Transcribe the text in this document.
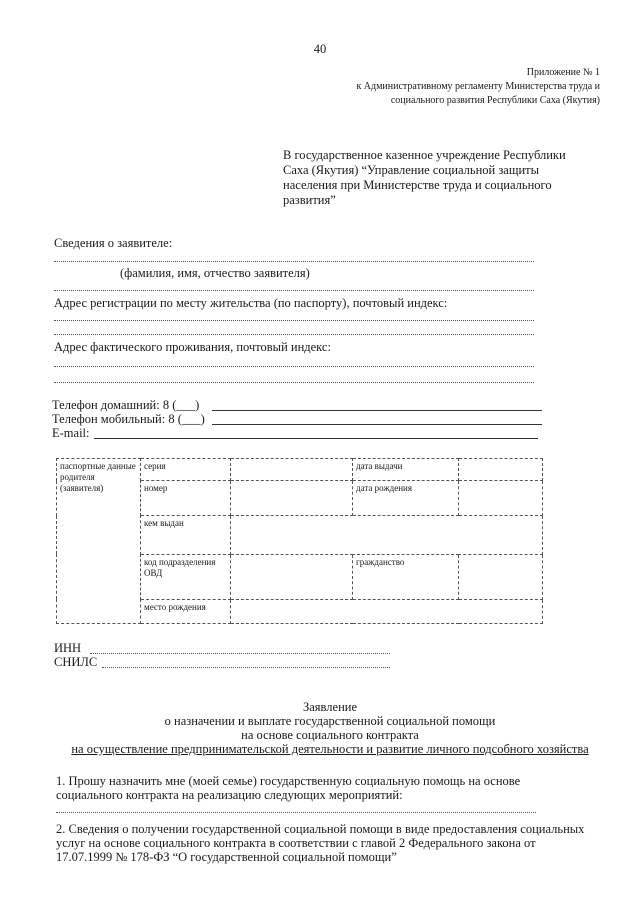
40
Приложение № 1
к Административному регламенту Министерства труда и
социального развития Республики Саха (Якутия)
В государственное казенное учреждение Республики
Саха (Якутия) “Управление социальной защиты
населения при Министерстве труда и социального
развития”
Сведения о заявителе:
(фамилия, имя, отчество заявителя)
Адрес регистрации по месту жительства (по паспорту), почтовый индекс:
Адрес фактического проживания, почтовый индекс:
Телефон домашний: 8 (___)
Телефон мобильный: 8 (___)
E-mail:
паспортные данные родителя (заявителя)	серия		дата выдачи	
	номер		дата рождения	
	кем выдан			
	код подразделения ОВД		гражданство	
	место рождения			
ИНН
СНИЛС
Заявление
о назначении и выплате государственной социальной помощи
на основе социального контракта
на осуществление предпринимательской деятельности и развитие личного подсобного хозяйства
1. Прошу назначить мне (моей семье) государственную социальную помощь на основе
социального контракта на реализацию следующих мероприятий:
2. Сведения о получении государственной социальной помощи в виде предоставления социальных
услуг на основе социального контракта в соответствии с главой 2 Федерального закона от
17.07.1999 № 178-ФЗ “О государственной социальной помощи”
